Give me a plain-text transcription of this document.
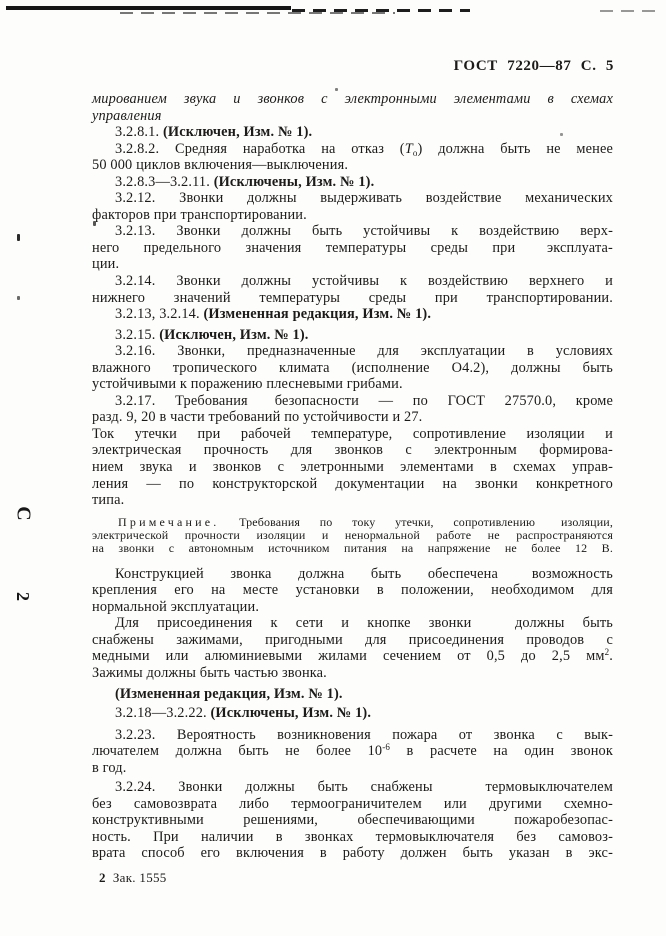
ГОСТ 7220—87 С. 5
мированием звука и звонков с электронными элементами в схемах
управления
3.2.8.1. (Исключен, Изм. № 1).
3.2.8.2. Средняя наработка на отказ $(Т_о)$ должна быть не менее
50 000 циклов включения—выключения.
3.2.8.3—3.2.11. (Исключены, Изм. № 1).
3.2.12. Звонки должны выдерживать воздействие механических
факторов при транспортировании.
3.2.13. Звонки должны быть устойчивы к воздействию верх-
него предельного значения температуры среды при  эксплуата-
ции.
3.2.14. Звонки должны устойчивы к воздействию верхнего и
нижнего значений температуры среды при транспортировании.
3.2.13, 3.2.14. (Измененная редакция, Изм. № 1).
3.2.15. (Исключен, Изм. № 1).
3.2.16. Звонки, предназначенные для эксплуатации в условиях
влажного тропического климата (исполнение О4.2), должны быть
устойчивыми к поражению плесневыми грибами.
3.2.17. Требования  безопасности — по ГОСТ 27570.0, кроме
разд. 9, 20 в части требований по устойчивости и 27.
Ток утечки при рабочей температуре, сопротивление изоляции и
электрическая прочность для звонков с электронным формирова-
нием звука и звонков с элетронными элементами в схемах управ-
ления — по конструкторской документации на звонки конкретного
типа.
Примечание. Требования по току утечки, сопротивлению  изоляции,
электрической прочности изоляции и ненормальной работе не распространяются
на звонки с автономным источником питания на напряжение не более 12 В.
Конструкцией звонка должна быть обеспечена  возможность
крепления его на месте установки в положении, необходимом для
нормальной эксплуатации.
Для присоединения к сети и кнопке звонки   должны быть
снабжены зажимами, пригодными для присоединения проводов с
медными или алюминиевыми жилами сечением от 0,5 до 2,5 $мм^2$.
Зажимы должны быть частью звонка.
(Измененная редакция, Изм. № 1).
3.2.18—3.2.22. (Исключены, Изм. № 1).
3.2.23. Вероятность возникновения пожара от звонка с вык-
лючателем должна быть не более $10^{-6}$ в расчете на один звонок
в год.
3.2.24. Звонки должны быть снабжены   термовыключателем
без самовозврата либо термоограничителем или другими схемно-
конструктивными решениями, обеспечивающими пожаробезопас-
ность. При наличии в звонках термовыключателя без самовоз-
врата способ его включения в работу должен быть указан в экс-
С
2
2 Зак. 1555
